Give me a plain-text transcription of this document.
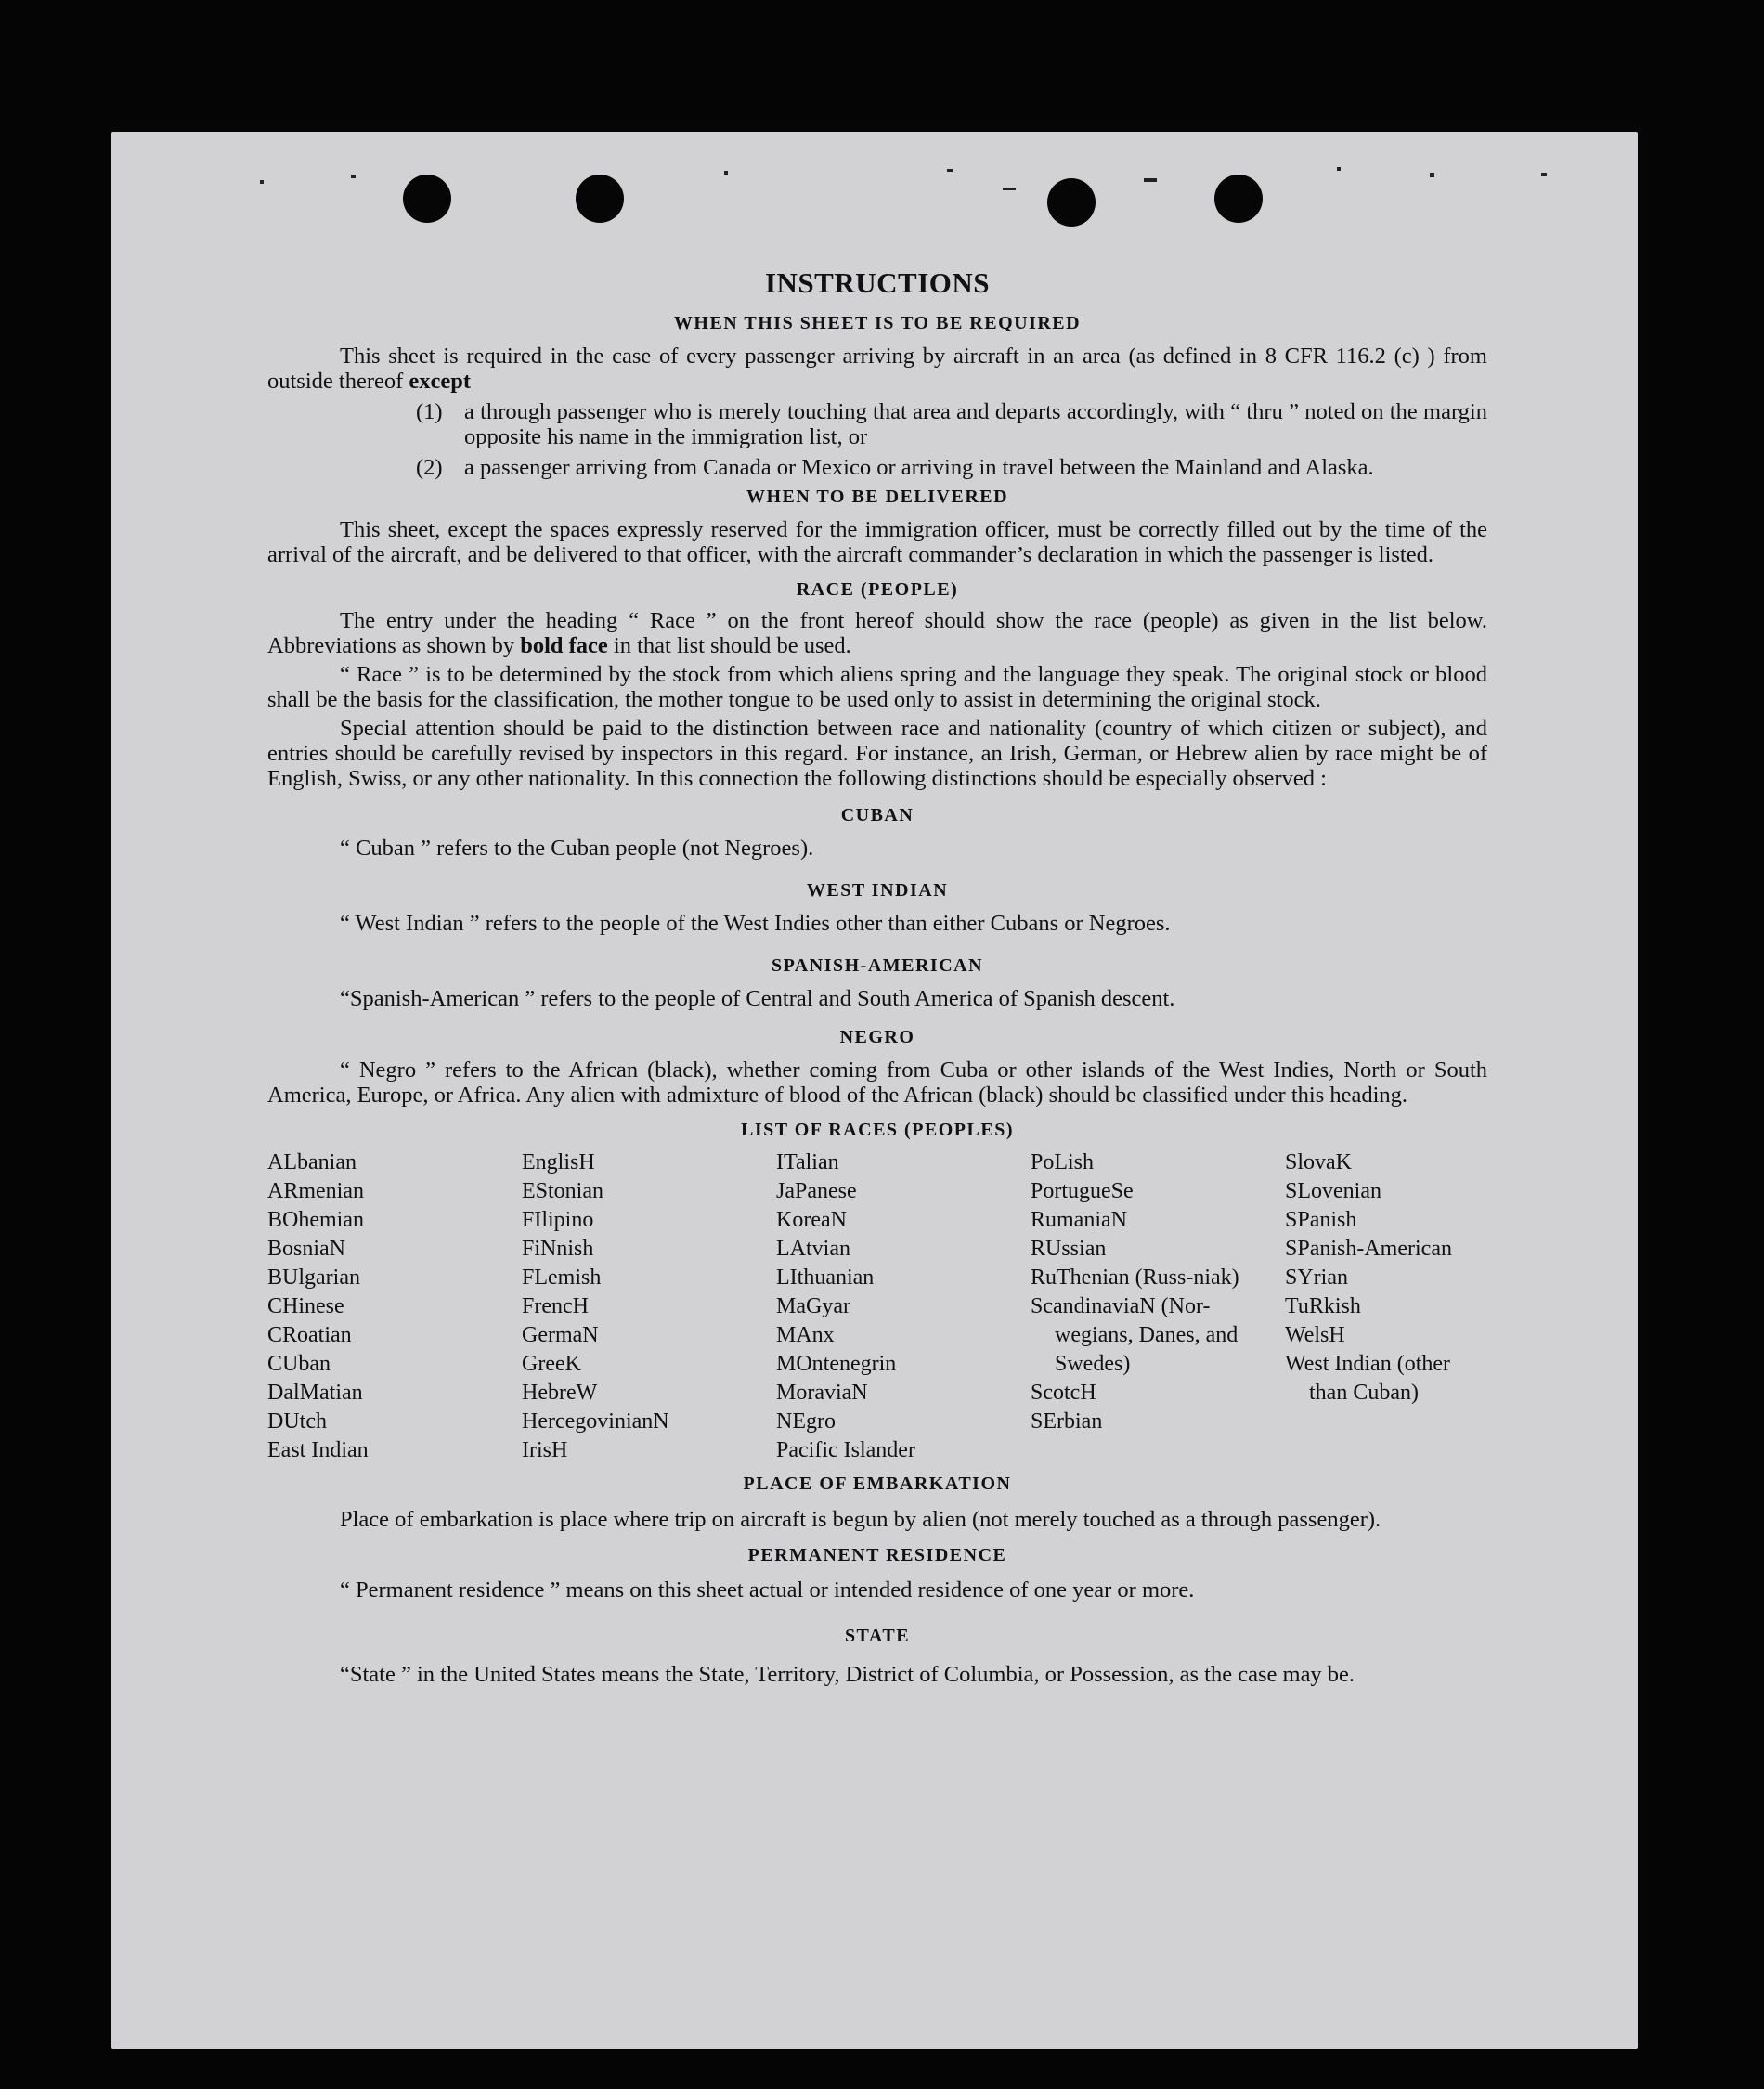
INSTRUCTIONS
WHEN THIS SHEET IS TO BE REQUIRED

This sheet is required in the case of every passenger arriving by aircraft in an area (as defined in 8 CFR 116.2 (c) ) from outside thereof except

(1) a through passenger who is merely touching that area and departs accordingly, with “ thru ” noted on the margin opposite his name in the immigration list, or
(2) a passenger arriving from Canada or Mexico or arriving in travel between the Mainland and Alaska.
WHEN TO BE DELIVERED

This sheet, except the spaces expressly reserved for the immigration officer, must be correctly filled out by the time of the arrival of the aircraft, and be delivered to that officer, with the aircraft commander’s declaration in which the passenger is listed.

RACE (PEOPLE)

The entry under the heading “ Race ” on the front hereof should show the race (people) as given in the list below. Abbreviations as shown by bold face in that list should be used.

“ Race ” is to be determined by the stock from which aliens spring and the language they speak. The original stock or blood shall be the basis for the classification, the mother tongue to be used only to assist in determining the original stock.

Special attention should be paid to the distinction between race and nationality (country of which citizen or subject), and entries should be carefully revised by inspectors in this regard. For instance, an Irish, German, or Hebrew alien by race might be of English, Swiss, or any other nationality. In this connection the following distinctions should be especially observed :

CUBAN

“ Cuban ” refers to the Cuban people (not Negroes).

WEST INDIAN

“ West Indian ” refers to the people of the West Indies other than either Cubans or Negroes.

SPANISH-AMERICAN

“Spanish-American ” refers to the people of Central and South America of Spanish descent.

NEGRO

“ Negro ” refers to the African (black), whether coming from Cuba or other islands of the West Indies, North or South America, Europe, or Africa. Any alien with admixture of blood of the African (black) should be classified under this heading.

LIST OF RACES (PEOPLES)
ALbanian
ARmenian
BOhemian
BosniaN
BUlgarian
CHinese
CRoatian
CUban
DalMatian
DUtch
East Indian
EnglisH
EStonian
FIlipino
FiNnish
FLemish
FrencH
GermaN
GreeK
HebreW
HercegovinianN
IrisH
ITalian
JaPanese
KoreaN
LAtvian
LIthuanian
MaGyar
MAnx
MOntenegrin
MoraviaN
NEgro
Pacific Islander
PoLish
PortugueSe
RumaniaN
RUssian
RuThenian (Russ-niak)
ScandinaviaN (Nor-wegians, Danes, and Swedes)
ScotcH
SErbian
SlovaK
SLovenian
SPanish
SPanish-American
SYrian
TuRkish
WelsH
West Indian (other than Cuban)
PLACE OF EMBARKATION

Place of embarkation is place where trip on aircraft is begun by alien (not merely touched as a through passenger).

PERMANENT RESIDENCE

“ Permanent residence ” means on this sheet actual or intended residence of one year or more.

STATE

“State ” in the United States means the State, Territory, District of Columbia, or Possession, as the case may be.
